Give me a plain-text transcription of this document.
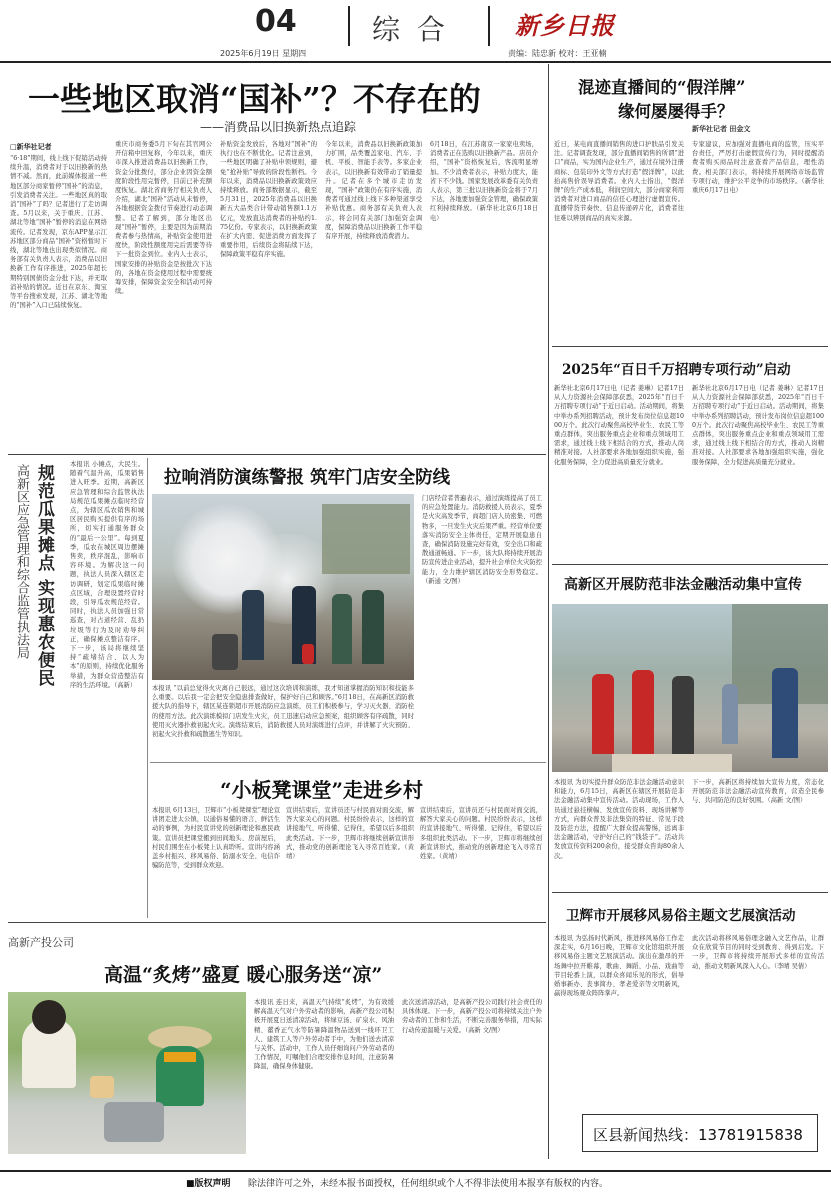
04
2025年6月19日 星期四
综 合	新乡日报
责编：陆忠新 校对：王亚楠
一些地区取消“国补”？不存在的
——消费品以旧换新热点追踪
□新华社记者
“6·18”期间，线上线下促销活动持续升温，消费者对于以旧换新的热情不减。然而，此前媒体报道一些地区部分商家暂停“国补”的消息，引发消费者关注。一些地区真的取消“国补”了吗？记者进行了走访调查。5月以来，关于重庆、江苏、湖北等地“国补”暂停的消息在网络流传。记者发现，京东APP显示江苏地区部分商品“国补”资格暂时下线，湖北等地也出现类似情况。商务部有关负责人表示，消费品以旧换新工作有序推进，2025年超长期特别国债资金分批下达，并无取消补贴的情况。近日在京东、淘宝等平台搜索发现，江苏、湖北等地的“国补”入口已陆续恢复。
重庆市商务委5月下旬在其官网公开信箱中回复称，今年以来，重庆市深入推进消费品以旧换新工作，资金分批拨付，部分企业因资金额度阶段性用完暂停，目前已补充额度恢复。湖北省商务厅相关负责人介绍，湖北“国补”活动从未暂停，各地根据资金拨付节奏进行动态调整。记者了解到，部分地区出现“国补”暂停，主要是因为前期消费者参与热情高，补贴资金使用进度快，阶段性额度用完后需要等待下一批资金到位。业内人士表示，国家安排的补贴资金是按批次下达的，各地在资金使用过程中需要统筹安排，保障资金安全和活动可持续。
补贴资金发放后，各地对“国补”的执行也在不断优化。记者注意到，一些地区明确了补贴申领规则，避免“抢补贴”导致的阶段性断档。今年以来，消费品以旧换新政策效应持续释放。商务部数据显示，截至5月31日，2025年消费品以旧换新五大品类合计带动销售额1.1万亿元，发放直达消费者的补贴约1.75亿份。专家表示，以旧换新政策在扩大内需、促进消费方面发挥了重要作用，后续资金将陆续下达，保障政策平稳有序实施。
今年以来，消费品以旧换新政策加力扩围，品类覆盖家电、汽车、手机、平板、智能手表等。多家企业表示，以旧换新有效带动了销量提升。记者在多个城市走访发现，“国补”政策仍在有序实施，消费者可通过线上线下多种渠道享受补贴优惠。商务部有关负责人表示，将会同有关部门加强资金调度，保障消费品以旧换新工作平稳有序开展，持续释放消费潜力。
6月18日，在江苏南京一家家电卖场，消费者正在选购以旧换新产品。店员介绍，“国补”资格恢复后，客流明显增加。不少消费者表示，补贴力度大，能省下不少钱。国家发展改革委有关负责人表示，第三批以旧换新资金将于7月下达，各地要加强资金管理，确保政策红利持续释放。（新华社北京6月18日电）
规范瓜果摊点 实现惠农便民
高新区应急管理和综合监管执法局	本报讯 小摊点，大民生。随着气温升高，瓜果销售进入旺季。近期，高新区应急管理和综合监管执法局规范瓜果摊点临时经营点，为辖区瓜农销售和城区居民购买提供有序的场所，切实打通服务群众的“最后一公里”。每到夏季，瓜农在城区周边摆摊售卖，秩序混乱，影响市容环境。为解决这一问题，执法人员深入辖区走访调研，划定瓜果临时摊点区域，合理设置经营时段，引导瓜农规范经营。同时，执法人员加强日常巡查，对占道经营、乱扔垃圾等行为及时劝导纠正，确保摊点整洁有序。下一步，该局将继续坚持“疏堵结合、以人为本”的原则，持续优化服务举措，为群众营造整洁有序的生活环境。（高新）
拉响消防演练警报 筑牢门店安全防线
本报讯 “以前总觉得火灾离自己很远，通过这次培训和演练，我才知道掌握消防知识和技能多么重要。以后我一定会把安全隐患排查做好，保护好自己和顾客。”6月18日，在高新区消防救援大队的指导下，辖区某连锁超市开展消防应急演练，员工们积极参与，学习灭火器、消防栓的使用方法。此次演练模拟门店发生火灾，员工迅速启动应急预案，组织顾客有序疏散，同时使用灭火器扑救初起火灾。演练结束后，消防救援人员对演练进行点评，并讲解了火灾预防、初起火灾扑救和疏散逃生等知识。
门店经营者普遍表示，通过演练提高了员工的应急处置能力。消防救援人员表示，夏季是火灾高发季节，商超门店人员密集、可燃物多，一旦发生火灾后果严重。经营单位要落实消防安全主体责任，定期开展隐患自查，确保消防设施完好有效，安全出口和疏散通道畅通。下一步，该大队将持续开展消防宣传进企业活动，提升社会单位火灾防控能力，全力维护辖区消防安全形势稳定。（新通 文/图）
“小板凳课堂”走进乡村
本报讯 6月13日，卫辉市“小板凳课堂”理论宣讲团走进太公镇，以通俗易懂的语言、鲜活生动的事例，为村民宣讲党的创新理论和惠民政策。宣讲员把课堂搬到田间地头、房前屋后，村民们围坐在小板凳上认真聆听。宣讲内容涵盖乡村振兴、移风易俗、防溺水安全、电信诈骗防范等，受到群众欢迎。
宣讲结束后，宣讲员还与村民面对面交流，解答大家关心的问题。村民纷纷表示，这样的宣讲接地气、听得懂、记得住，希望以后多组织此类活动。下一步，卫辉市将继续创新宣讲形式，推动党的创新理论飞入寻常百姓家。（黄靖）
宣讲结束后，宣讲员还与村民面对面交流，解答大家关心的问题。村民纷纷表示，这样的宣讲接地气、听得懂、记得住，希望以后多组织此类活动。下一步，卫辉市将继续创新宣讲形式，推动党的创新理论飞入寻常百姓家。（黄靖）
高新产投公司
高温“炙烤”盛夏 暖心服务送“凉”
本报讯 连日来，高温天气持续“炙烤”，为有效缓解高温天气对户外劳动者的影响，高新产投公司积极开展夏日送清凉活动，将绿豆汤、矿泉水、风油精、藿香正气水等防暑降温物品送到一线环卫工人、建筑工人等户外劳动者手中，为他们送去清凉与关怀。活动中，工作人员仔细询问户外劳动者的工作情况，叮嘱他们合理安排作息时间，注意防暑降温，确保身体健康。
此次送清凉活动，是高新产投公司践行社会责任的具体体现。下一步，高新产投公司将持续关注户外劳动者的工作和生活，不断完善服务举措，用实际行动传递温暖与关爱。（高新 文/图）
混迹直播间的“假洋牌”
缘何屡屡得手？
新华社记者 田金文
近日，某电商直播间销售的进口护肤品引发关注。记者调查发现，部分直播间销售的所谓“进口”商品，实为国内企业生产，通过在境外注册商标、包装印外文等方式打造“假洋牌”，以此抬高售价误导消费者。业内人士指出，“假洋牌”的生产成本低，利润空间大，部分商家利用消费者对进口商品的信任心理进行虚假宣传。直播带货节奏快、信息传递碎片化，消费者往往难以辨别商品的真实来源。
专家建议，应加强对直播电商的监管，压实平台责任，严厉打击虚假宣传行为，同时提醒消费者购买商品时注意查看产品信息，理性消费。相关部门表示，将持续开展网络市场监管专项行动，维护公平竞争的市场秩序。（新华社重庆6月17日电）
2025年“百日千万招聘专项行动”启动
新华社北京6月17日电（记者 姜琳）记者17日从人力资源社会保障部获悉，2025年“百日千万招聘专项行动”于近日启动。活动期间，将集中举办系列招聘活动，预计发布岗位信息超1000万个。此次行动聚焦高校毕业生、农民工等重点群体，突出服务重点企业和重点领域用工需求，通过线上线下相结合的方式，推动人岗精准对接。人社部要求各地加强组织实施，强化服务保障，全力促进高质量充分就业。
新华社北京6月17日电（记者 姜琳）记者17日从人力资源社会保障部获悉，2025年“百日千万招聘专项行动”于近日启动。活动期间，将集中举办系列招聘活动，预计发布岗位信息超1000万个。此次行动聚焦高校毕业生、农民工等重点群体，突出服务重点企业和重点领域用工需求，通过线上线下相结合的方式，推动人岗精准对接。人社部要求各地加强组织实施，强化服务保障，全力促进高质量充分就业。
高新区开展防范非法金融活动集中宣传
本报讯 为切实提升群众防范非法金融活动意识和能力，6月15日，高新区在辖区开展防范非法金融活动集中宣传活动。活动现场，工作人员通过悬挂横幅、发放宣传资料、现场讲解等方式，向群众普及非法集资的特征、常见手段及防范方法，提醒广大群众提高警惕，远离非法金融活动，守护好自己的“钱袋子”。活动共发放宣传资料200余份，接受群众咨询80余人次。
下一步，高新区将持续加大宣传力度，常态化开展防范非法金融活动宣传教育，营造全民参与、共同防范的良好氛围。（高新 文/图）
卫辉市开展移风易俗主题文艺展演活动
本报讯 为弘扬时代新风，推进移风易俗工作走深走实，6月16日晚，卫辉市文化馆组织开展移风易俗主题文艺展演活动。演出在激昂的开场舞中拉开帷幕，歌曲、舞蹈、小品、戏曲等节目轮番上演，以群众喜闻乐见的形式，倡导婚事新办、丧事简办、孝老爱亲等文明新风，赢得现场观众阵阵掌声。
此次活动将移风易俗理念融入文艺作品，让群众在欣赏节目的同时受到教育、得到启发。下一步，卫辉市将持续开展形式多样的宣传活动，推动文明新风深入人心。（李晴 吴倩）
区县新闻热线：13781915838
■版权声明 除法律许可之外，未经本报书面授权，任何组织或个人不得非法使用本报享有版权的内容。
